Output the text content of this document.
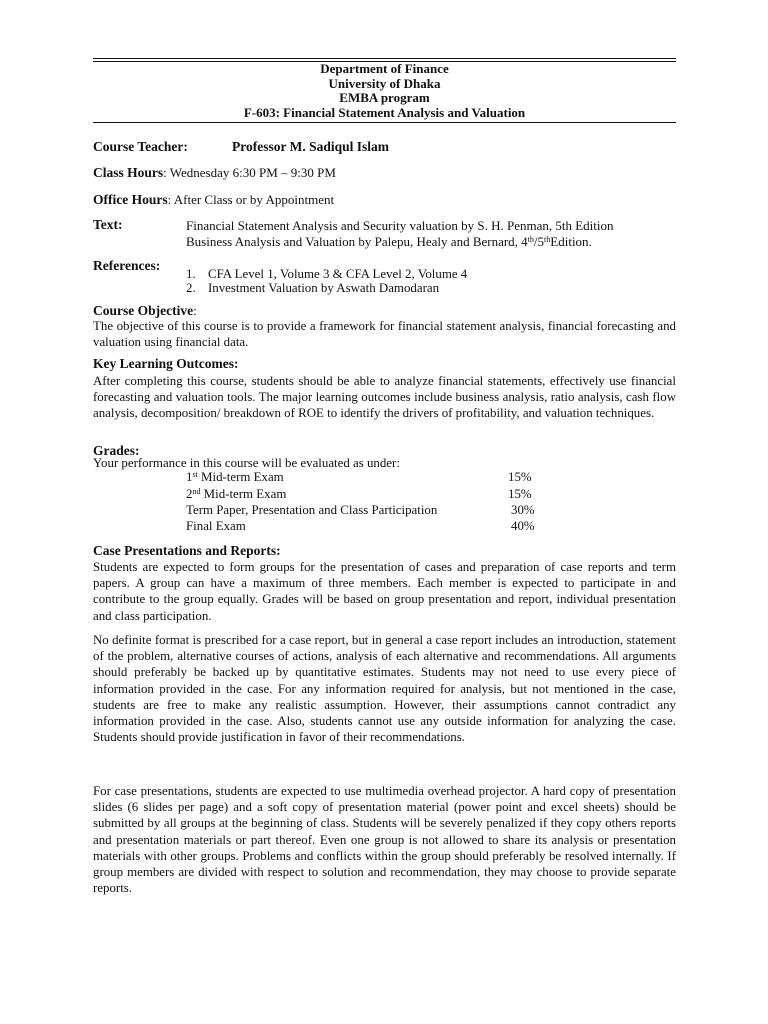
Department of Finance
University of Dhaka
EMBA program
F-603: Financial Statement Analysis and Valuation
Course Teacher:	Professor M. Sadiqul Islam
Class Hours: Wednesday 6:30 PM – 9:30 PM
Office Hours: After Class or by Appointment
Text:	Financial Statement Analysis and Security valuation by S. H. Penman, 5th Edition
Business Analysis and Valuation by Palepu, Healy and Bernard, 4th/5thEdition.
References:
1. CFA Level 1, Volume 3 & CFA Level 2, Volume 4
2. Investment Valuation by Aswath Damodaran
Course Objective:
The objective of this course is to provide a framework for financial statement analysis, financial forecasting and valuation using financial data.
Key Learning Outcomes:
After completing this course, students should be able to analyze financial statements, effectively use financial forecasting and valuation tools. The major learning outcomes include business analysis, ratio analysis, cash flow analysis, decomposition/ breakdown of ROE to identify the drivers of profitability, and valuation techniques.
Grades:
Your performance in this course will be evaluated as under:
1st Mid-term Exam	15%
2nd Mid-term Exam	15%
Term Paper, Presentation and Class Participation	30%
Final Exam	40%
Case Presentations and Reports:
Students are expected to form groups for the presentation of cases and preparation of case reports and term papers. A group can have a maximum of three members. Each member is expected to participate in and contribute to the group equally. Grades will be based on group presentation and report, individual presentation and class participation.
No definite format is prescribed for a case report, but in general a case report includes an introduction, statement of the problem, alternative courses of actions, analysis of each alternative and recommendations. All arguments should preferably be backed up by quantitative estimates. Students may not need to use every piece of information provided in the case. For any information required for analysis, but not mentioned in the case, students are free to make any realistic assumption. However, their assumptions cannot contradict any information provided in the case. Also, students cannot use any outside information for analyzing the case. Students should provide justification in favor of their recommendations.
For case presentations, students are expected to use multimedia overhead projector. A hard copy of presentation slides (6 slides per page) and a soft copy of presentation material (power point and excel sheets) should be submitted by all groups at the beginning of class. Students will be severely penalized if they copy others reports and presentation materials or part thereof. Even one group is not allowed to share its analysis or presentation materials with other groups. Problems and conflicts within the group should preferably be resolved internally. If group members are divided with respect to solution and recommendation, they may choose to provide separate reports.
